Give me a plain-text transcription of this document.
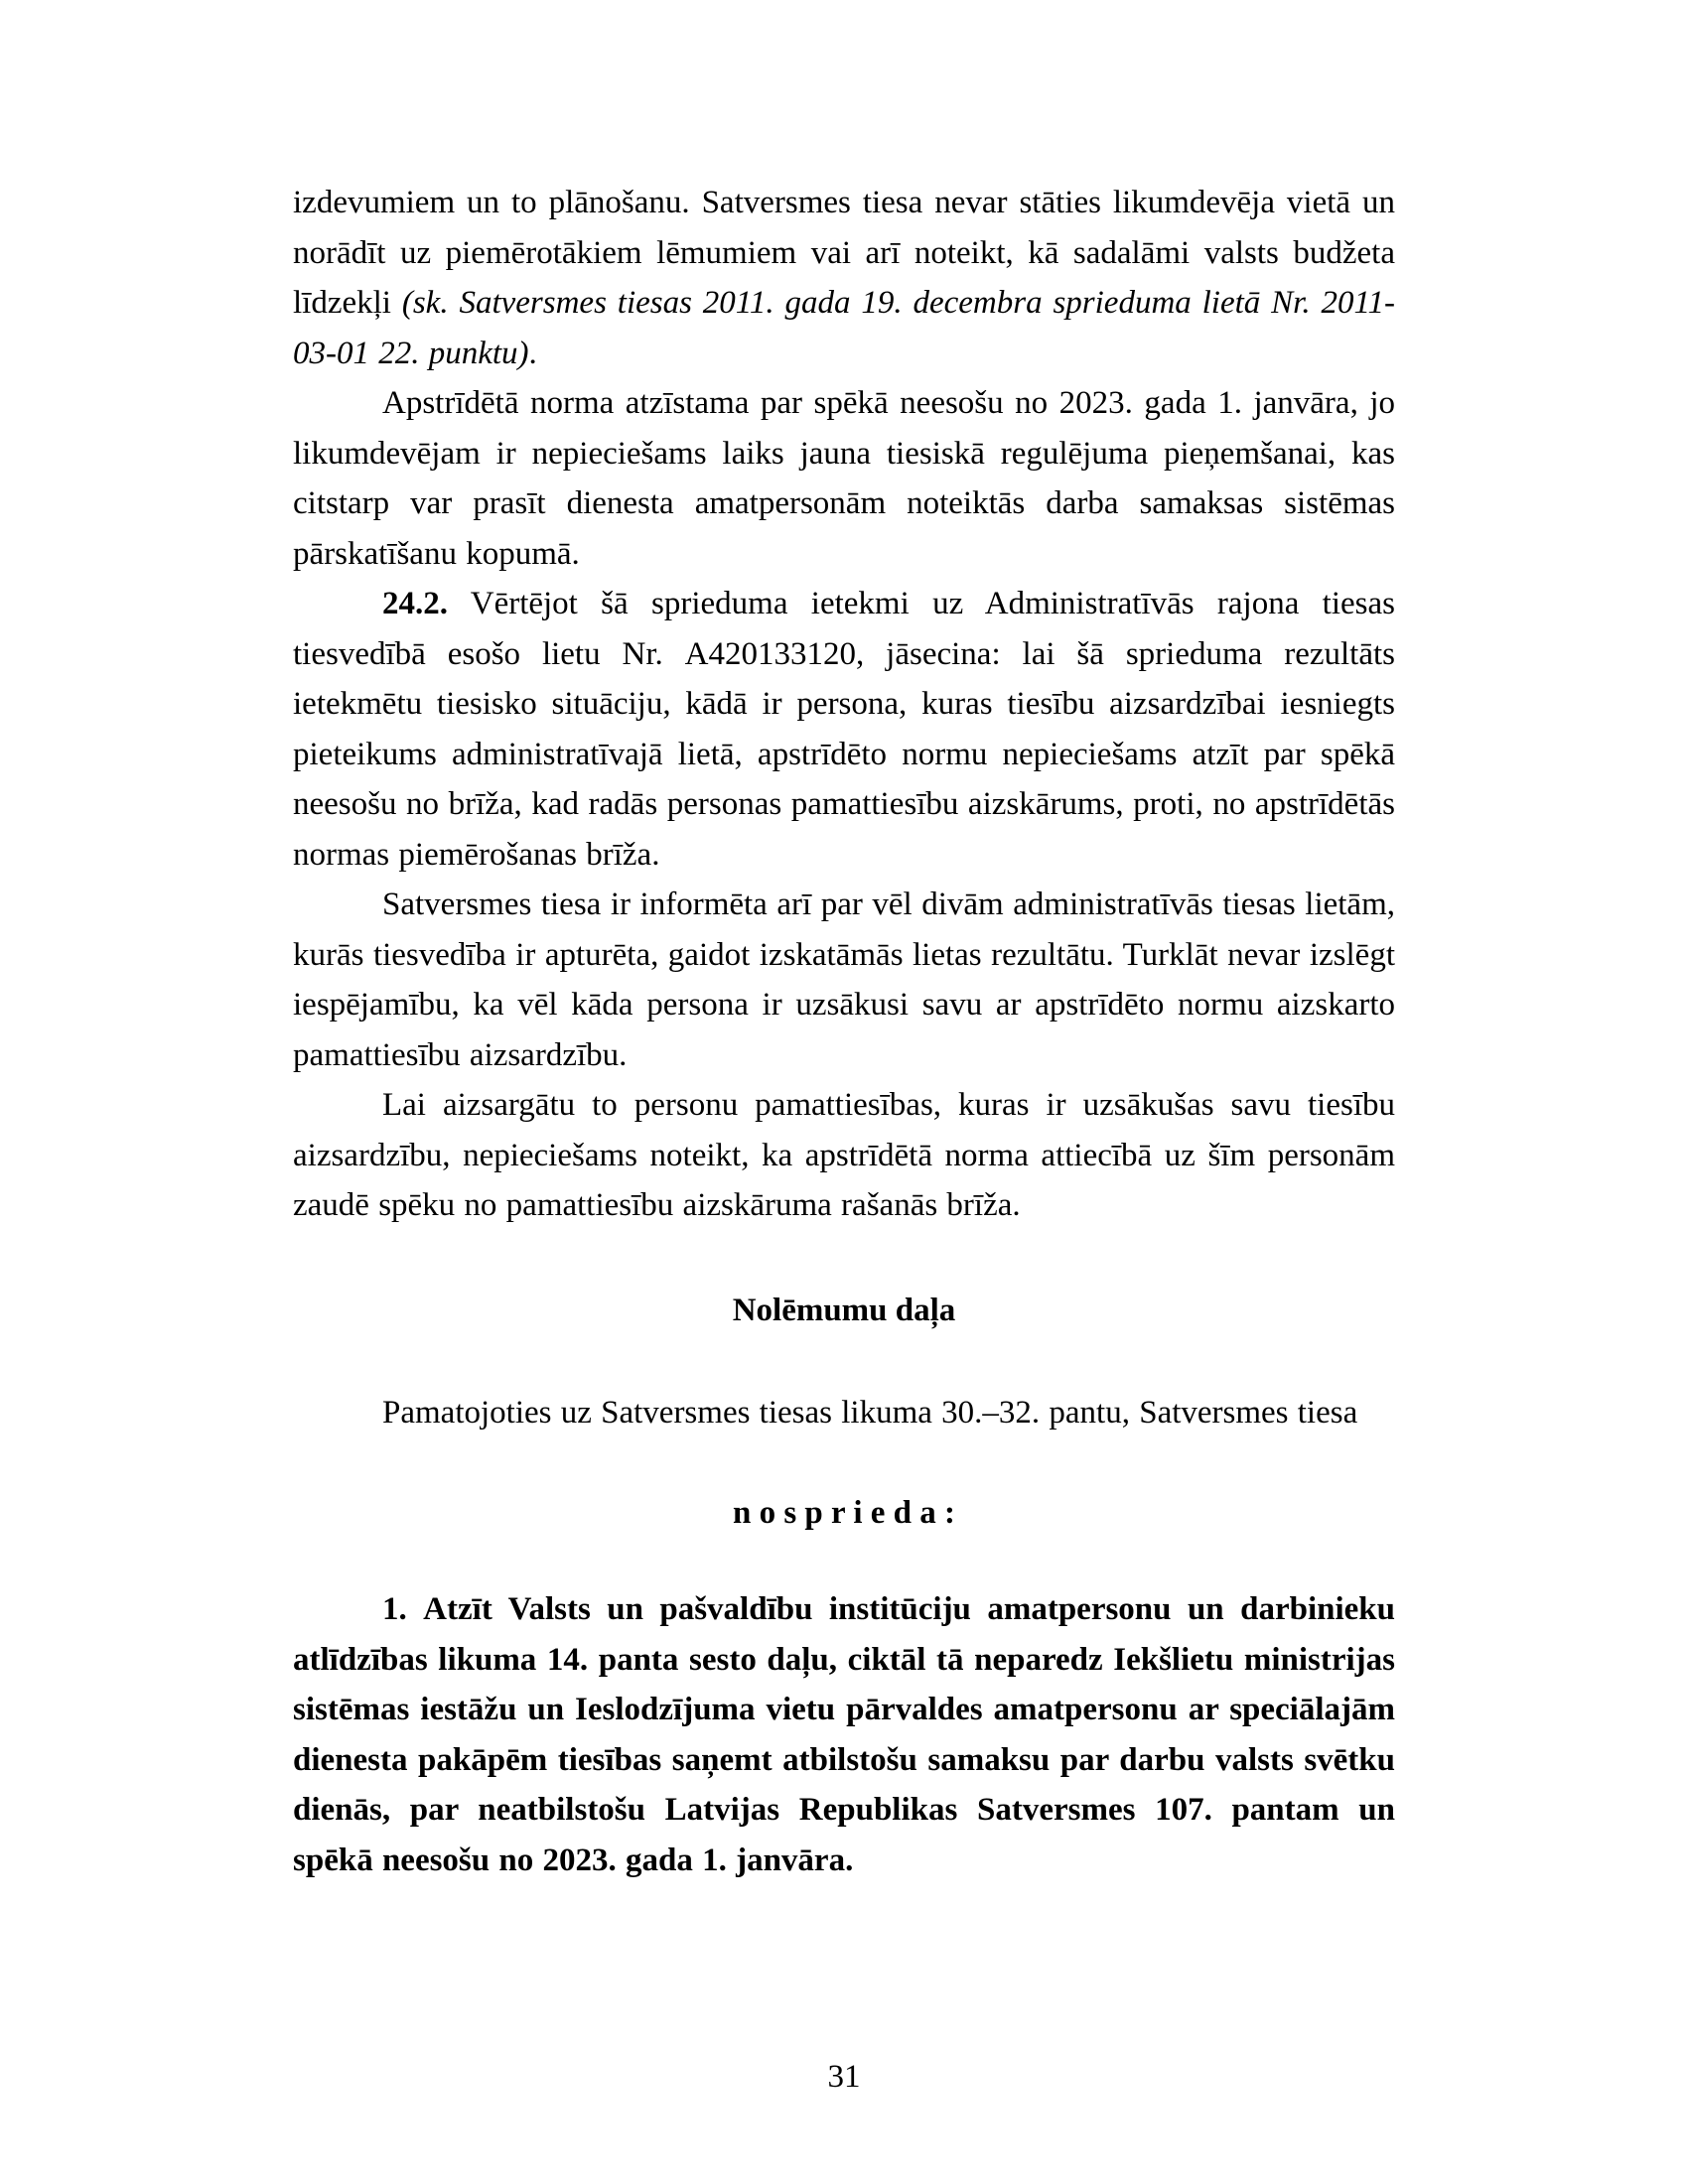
izdevumiem un to plānošanu. Satversmes tiesa nevar stāties likumdevēja vietā un norādīt uz piemērotākiem lēmumiem vai arī noteikt, kā sadalāmi valsts budžeta līdzekļi (sk. Satversmes tiesas 2011. gada 19. decembra sprieduma lietā Nr. 2011-03-01 22. punktu).

Apstrīdētā norma atzīstama par spēkā neesošu no 2023. gada 1. janvāra, jo likumdevējam ir nepieciešams laiks jauna tiesiskā regulējuma pieņemšanai, kas citstarp var prasīt dienesta amatpersonām noteiktās darba samaksas sistēmas pārskatīšanu kopumā.

24.2. Vērtējot šā sprieduma ietekmi uz Administratīvās rajona tiesas tiesvedībā esošo lietu Nr. A420133120, jāsecina: lai šā sprieduma rezultāts ietekmētu tiesisko situāciju, kādā ir persona, kuras tiesību aizsardzībai iesniegts pieteikums administratīvajā lietā, apstrīdēto normu nepieciešams atzīt par spēkā neesošu no brīža, kad radās personas pamattiesību aizskārums, proti, no apstrīdētās normas piemērošanas brīža.

Satversmes tiesa ir informēta arī par vēl divām administratīvās tiesas lietām, kurās tiesvedība ir apturēta, gaidot izskatāmās lietas rezultātu. Turklāt nevar izslēgt iespējamību, ka vēl kāda persona ir uzsākusi savu ar apstrīdēto normu aizskarto pamattiesību aizsardzību.

Lai aizsargātu to personu pamattiesības, kuras ir uzsākušas savu tiesību aizsardzību, nepieciešams noteikt, ka apstrīdētā norma attiecībā uz šīm personām zaudē spēku no pamattiesību aizskāruma rašanās brīža.

Nolēmumu daļa

Pamatojoties uz Satversmes tiesas likuma 30.–32. pantu, Satversmes tiesa

n o s p r i e d a :

1. Atzīt Valsts un pašvaldību institūciju amatpersonu un darbinieku atlīdzības likuma 14. panta sesto daļu, ciktāl tā neparedz Iekšlietu ministrijas sistēmas iestāžu un Ieslodzījuma vietu pārvaldes amatpersonu ar speciālajām dienesta pakāpēm tiesības saņemt atbilstošu samaksu par darbu valsts svētku dienās, par neatbilstošu Latvijas Republikas Satversmes 107. pantam un spēkā neesošu no 2023. gada 1. janvāra.

31
